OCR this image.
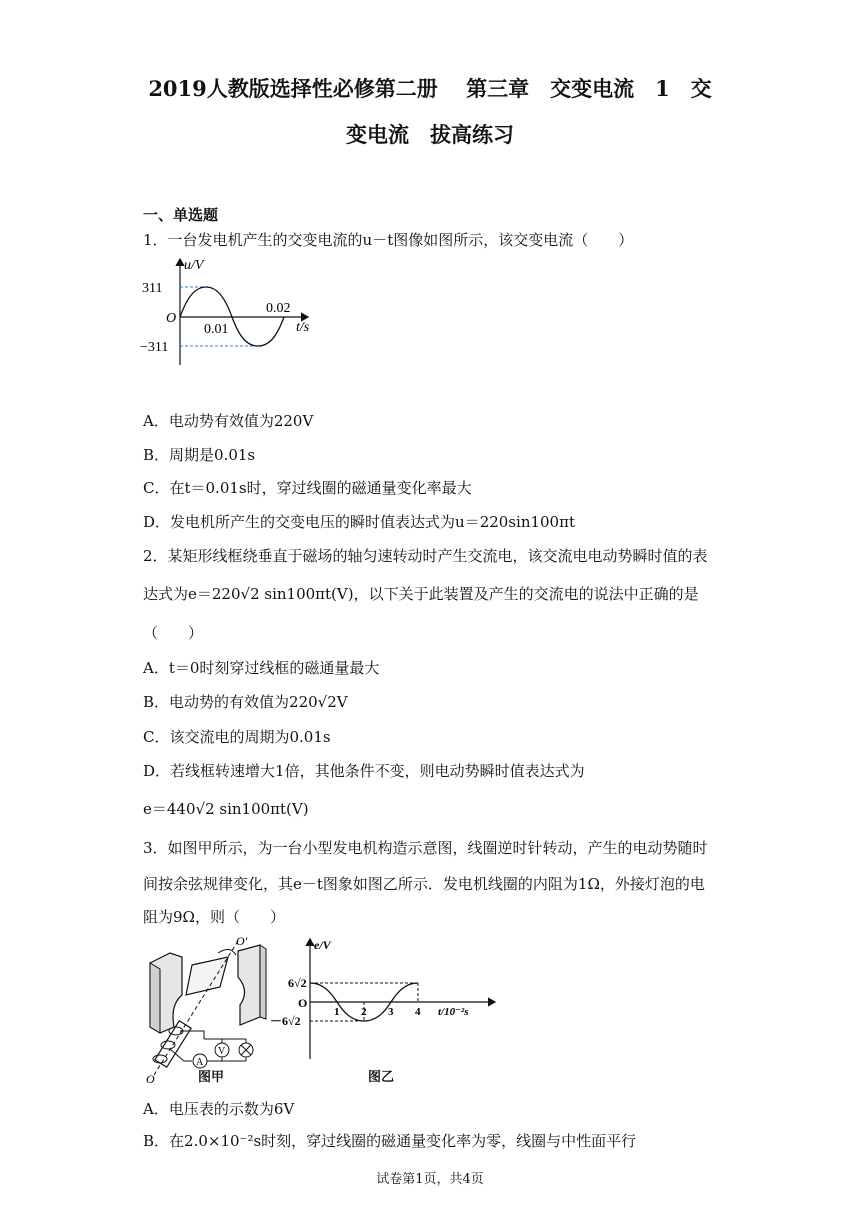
2019人教版选择性必修第二册　 第三章　交变电流　1　交
变电流　拔高练习
一、单选题
1．一台发电机产生的交变电流的u－t图像如图所示，该交变电流（　　）
u/V
311
O
−311
0.01
0.02
t/s
A．电动势有效值为220V
B．周期是0.01s
C．在t＝0.01s时，穿过线圈的磁通量变化率最大
D．发电机所产生的交变电压的瞬时值表达式为u＝220sin100πt
2．某矩形线框绕垂直于磁场的轴匀速转动时产生交流电，该交流电电动势瞬时值的表
达式为e＝220√2 sin100πt(V)，以下关于此装置及产生的交流电的说法中正确的是
（　　）
A．t＝0时刻穿过线框的磁通量最大
B．电动势的有效值为220√2V
C．该交流电的周期为0.01s
D．若线框转速增大1倍，其他条件不变，则电动势瞬时值表达式为
e＝440√2 sin100πt(V)
3．如图甲所示，为一台小型发电机构造示意图，线圈逆时针转动，产生的电动势随时
间按余弦规律变化，其e－t图象如图乙所示．发电机线圈的内阻为1Ω，外接灯泡的电
阻为9Ω，则（　　）
A
V
O′
O	图甲
e/V
6√2
O
－6√2
1 2 3 4 t/10⁻²s
图乙
A．电压表的示数为6V
B．在2.0×10⁻²s时刻，穿过线圈的磁通量变化率为零，线圈与中性面平行
试卷第1页，共4页
